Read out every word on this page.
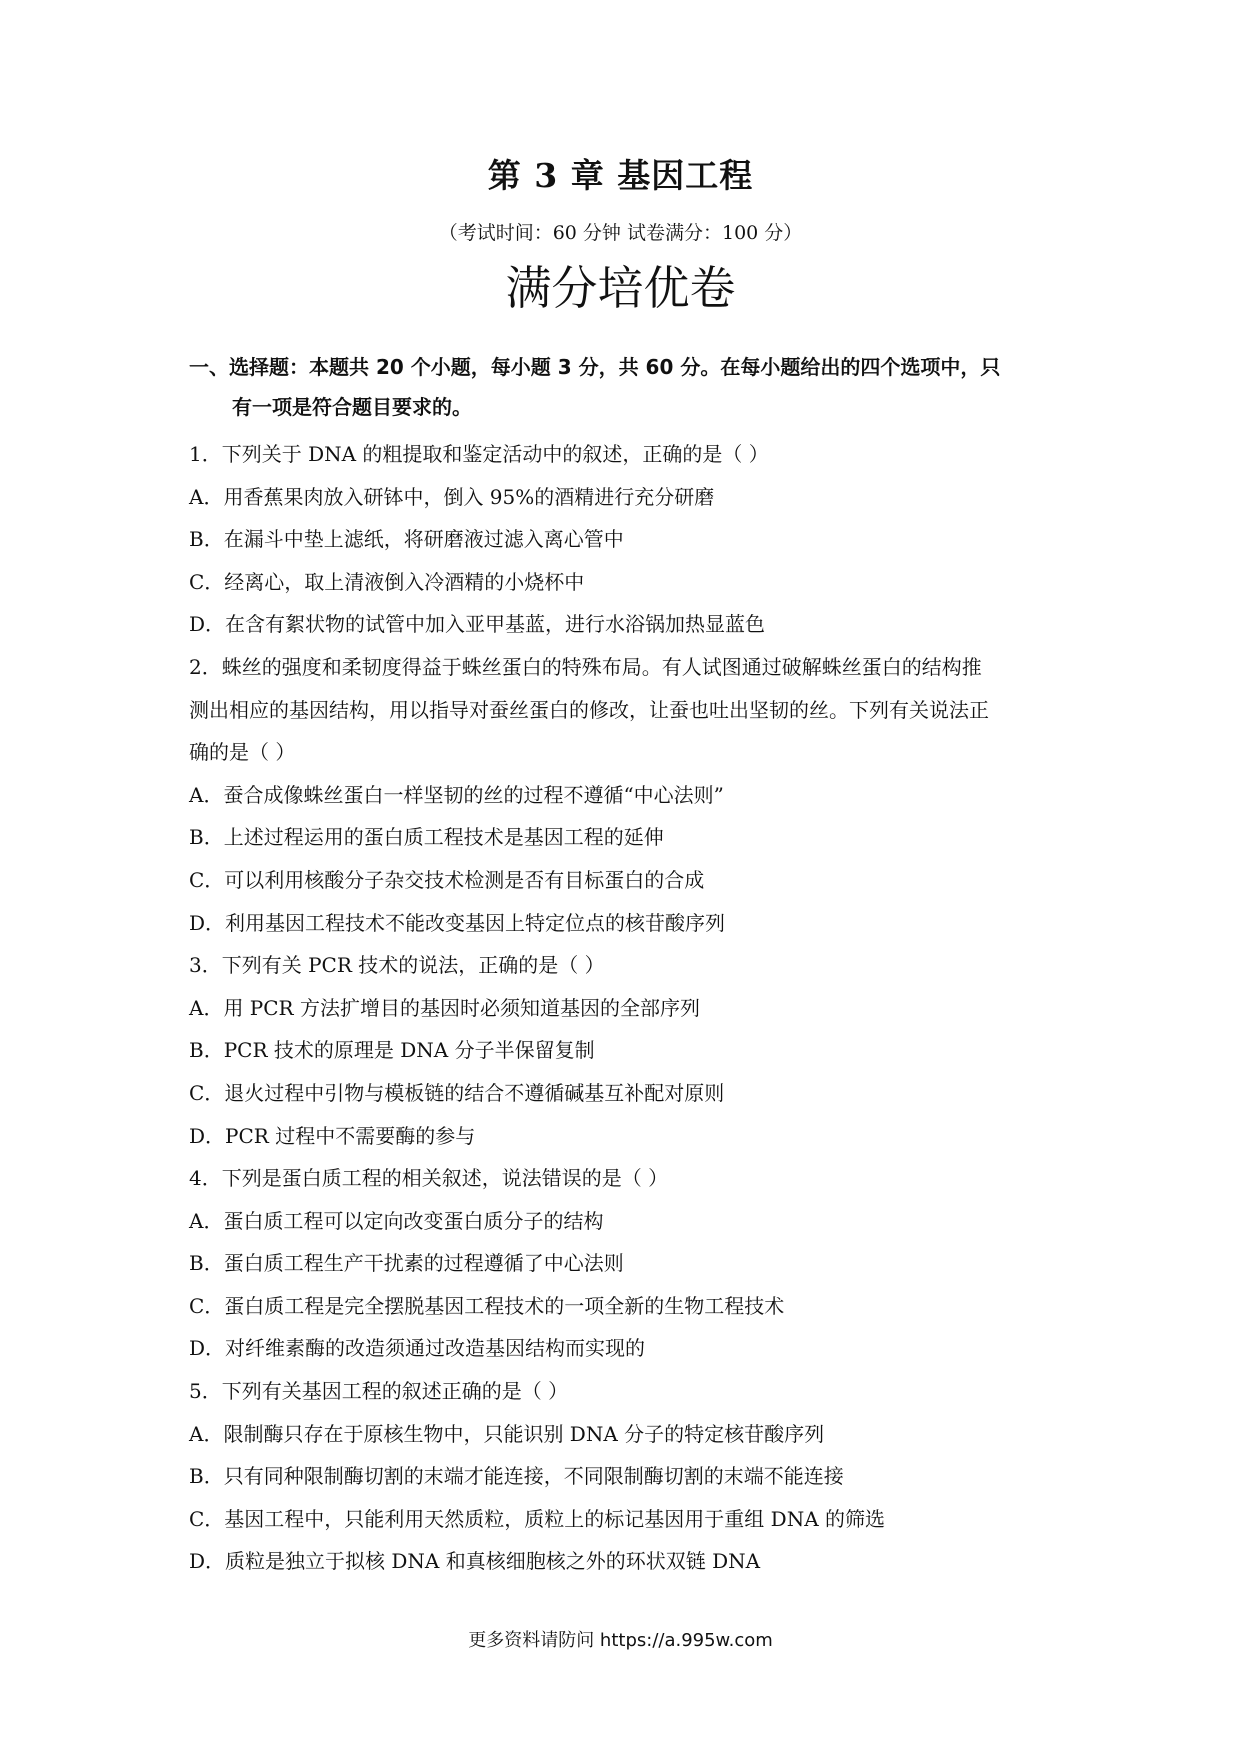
第 3 章 基因工程
（考试时间：60 分钟 试卷满分：100 分）
满分培优卷
一、选择题：本题共 20 个小题，每小题 3 分，共 60 分。在每小题给出的四个选项中，只
有一项是符合题目要求的。
1．下列关于 DNA 的粗提取和鉴定活动中的叙述，正确的是（ ）
A．用香蕉果肉放入研钵中，倒入 95%的酒精进行充分研磨
B．在漏斗中垫上滤纸，将研磨液过滤入离心管中
C．经离心，取上清液倒入冷酒精的小烧杯中
D．在含有絮状物的试管中加入亚甲基蓝，进行水浴锅加热显蓝色
2．蛛丝的强度和柔韧度得益于蛛丝蛋白的特殊布局。有人试图通过破解蛛丝蛋白的结构推
测出相应的基因结构，用以指导对蚕丝蛋白的修改，让蚕也吐出坚韧的丝。下列有关说法正
确的是（ ）
A．蚕合成像蛛丝蛋白一样坚韧的丝的过程不遵循“中心法则”
B．上述过程运用的蛋白质工程技术是基因工程的延伸
C．可以利用核酸分子杂交技术检测是否有目标蛋白的合成
D．利用基因工程技术不能改变基因上特定位点的核苷酸序列
3．下列有关 PCR 技术的说法，正确的是（ ）
A．用 PCR 方法扩增目的基因时必须知道基因的全部序列
B．PCR 技术的原理是 DNA 分子半保留复制
C．退火过程中引物与模板链的结合不遵循碱基互补配对原则
D．PCR 过程中不需要酶的参与
4．下列是蛋白质工程的相关叙述，说法错误的是（ ）
A．蛋白质工程可以定向改变蛋白质分子的结构
B．蛋白质工程生产干扰素的过程遵循了中心法则
C．蛋白质工程是完全摆脱基因工程技术的一项全新的生物工程技术
D．对纤维素酶的改造须通过改造基因结构而实现的
5．下列有关基因工程的叙述正确的是（ ）
A．限制酶只存在于原核生物中，只能识别 DNA 分子的特定核苷酸序列
B．只有同种限制酶切割的末端才能连接，不同限制酶切割的末端不能连接
C．基因工程中，只能利用天然质粒，质粒上的标记基因用于重组 DNA 的筛选
D．质粒是独立于拟核 DNA 和真核细胞核之外的环状双链 DNA
更多资料请防问 https://a.995w.com
